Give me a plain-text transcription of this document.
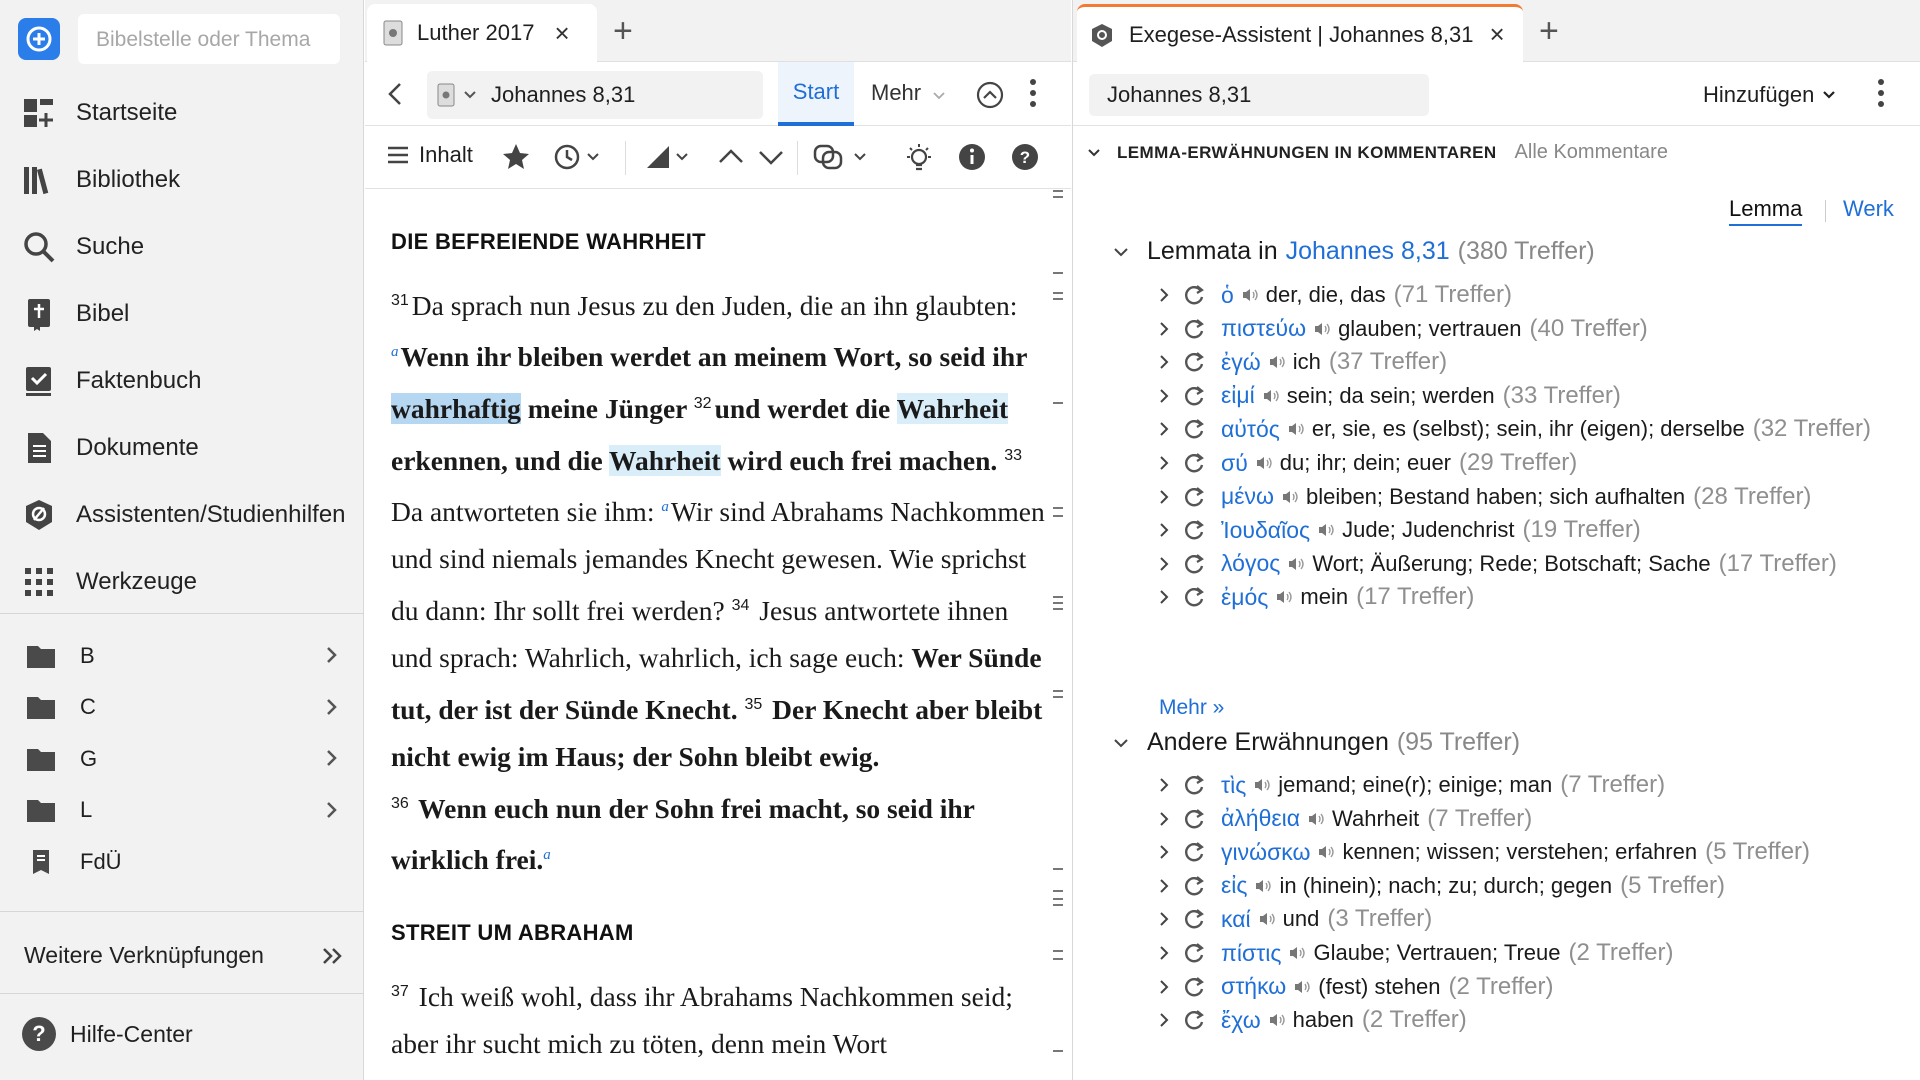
Bibelstelle oder Thema
Startseite
Bibliothek
Suche
Bibel
Faktenbuch
Dokumente
Assistenten/Studienhilfen
Werkzeuge
B
C
G
L
FdÜ
Weitere Verknüpfungen
?	Hilfe-Center
Luther 2017 × +
Johannes 8,31	Start	Mehr
Inhalt	?
DIE BEFREIENDE WAHRHEIT
$^{31}$ Da sprach nun Jesus zu den Juden, die an ihn glaubten: $^a$Wenn ihr bleiben werdet an meinem Wort, so seid ihr wahrhaftig meine Jünger $^{32}$ und werdet die Wahrheit erkennen, und die Wahrheit wird euch frei machen. $^{33}$ Da antworteten sie ihm: $^a$Wir sind Abrahams Nachkommen und sind niemals jemandes Knecht gewesen. Wie sprichst du dann: Ihr sollt frei werden? $^{34}$ Jesus antwortete ihnen und sprach: Wahrlich, wahrlich, ich sage euch: Wer Sünde tut, der ist der Sünde Knecht. $^{35}$ Der Knecht aber bleibt nicht ewig im Haus; der Sohn bleibt ewig.
$^{36}$ Wenn euch nun der Sohn frei macht, so seid ihr wirklich frei.$^a$
STREIT UM ABRAHAM
$^{37}$ Ich weiß wohl, dass ihr Abrahams Nachkommen seid; aber ihr sucht mich zu töten, denn mein Wort
Exegese-Assistent | Johannes 8,31 × +
Johannes 8,31	Hinzufügen
LEMMA-ERWÄHNUNGEN IN KOMMENTAREN Alle Kommentare
Lemma Werk
Lemmata in Johannes 8,31 (380 Treffer)
ὁ der, die, das (71 Treffer)
πιστεύω glauben; vertrauen (40 Treffer)
ἐγώ ich (37 Treffer)
εἰμί sein; da sein; werden (33 Treffer)
αὐτός er, sie, es (selbst); sein, ihr (eigen); derselbe (32 Treffer)
σύ du; ihr; dein; euer (29 Treffer)
μένω bleiben; Bestand haben; sich aufhalten (28 Treffer)
Ἰουδαῖος Jude; Judenchrist (19 Treffer)
λόγος Wort; Äußerung; Rede; Botschaft; Sache (17 Treffer)
ἐμός mein (17 Treffer)
Mehr »
Andere Erwähnungen (95 Treffer)
τὶς jemand; eine(r); einige; man (7 Treffer)
ἀλήθεια Wahrheit (7 Treffer)
γινώσκω kennen; wissen; verstehen; erfahren (5 Treffer)
εἰς in (hinein); nach; zu; durch; gegen (5 Treffer)
καί und (3 Treffer)
πίστις Glaube; Vertrauen; Treue (2 Treffer)
στήκω (fest) stehen (2 Treffer)
ἔχω haben (2 Treffer)
